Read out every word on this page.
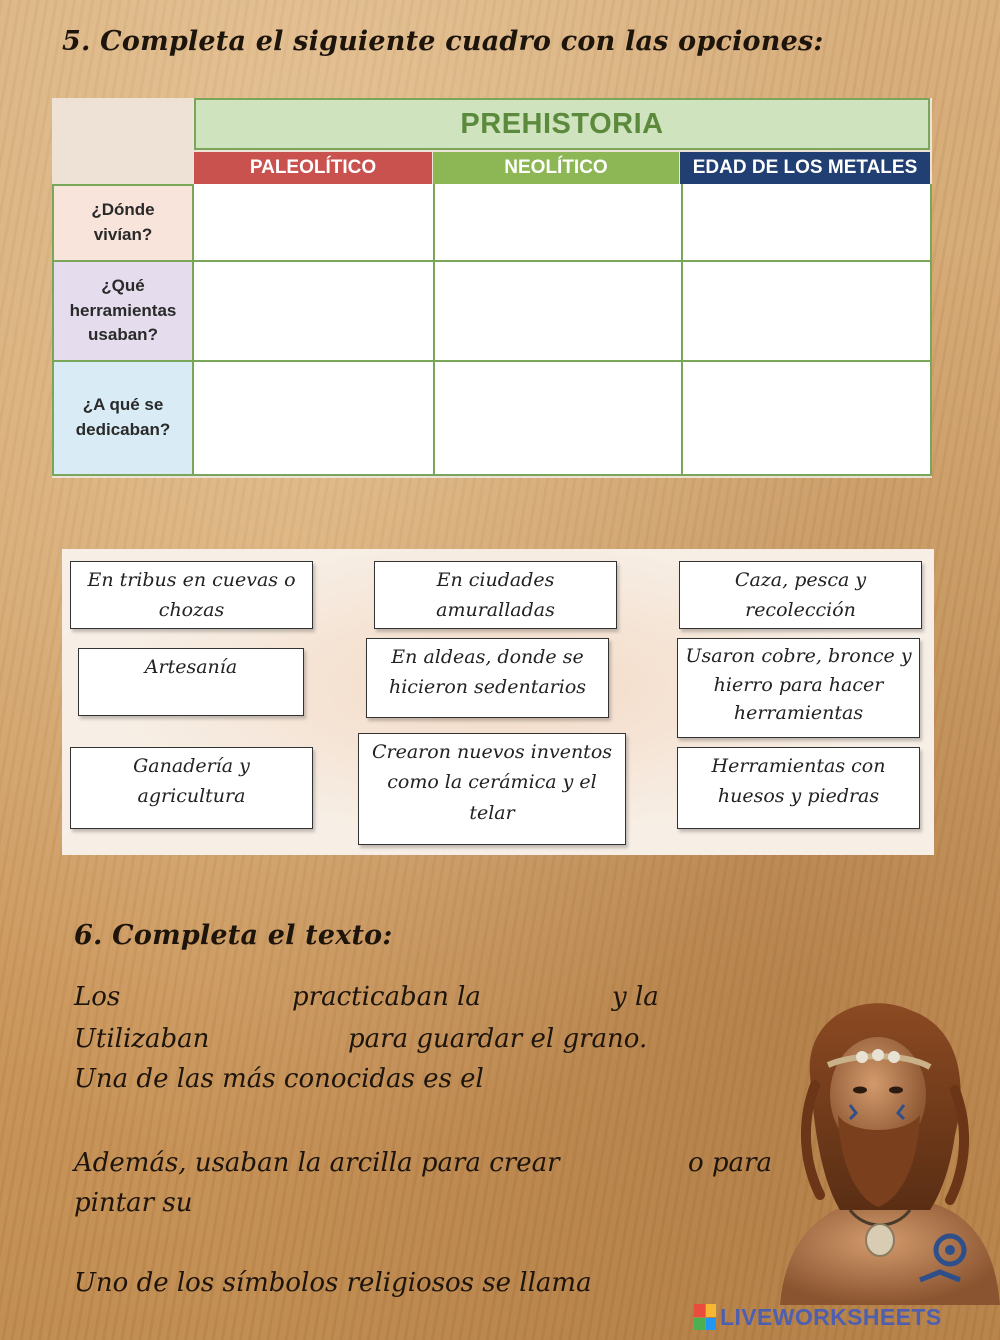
5. Completa el siguiente cuadro con las opciones:
PREHISTORIA
PALEOLÍTICO	NEOLÍTICO	EDAD DE LOS METALES
¿Dónde vivían?
¿Qué herramientas usaban?
¿A qué se dedicaban?
En tribus en cuevas o chozas
En ciudades amuralladas
Caza, pesca y recolección
Artesanía	En aldeas, donde se hicieron sedentarios
Usaron cobre, bronce y hierro para hacer herramientas
Ganadería y agricultura
Crearon nuevos inventos como la cerámica y el telar
Herramientas con huesos y piedras
6. Completa el texto:
Los	practicaban la	y la
Utilizaban	para guardar el grano.
Una de las más conocidas es el
Además, usaban la arcilla para crear	o para
pintar su
Uno de los símbolos religiosos se llama
LIVEWORKSHEETS
